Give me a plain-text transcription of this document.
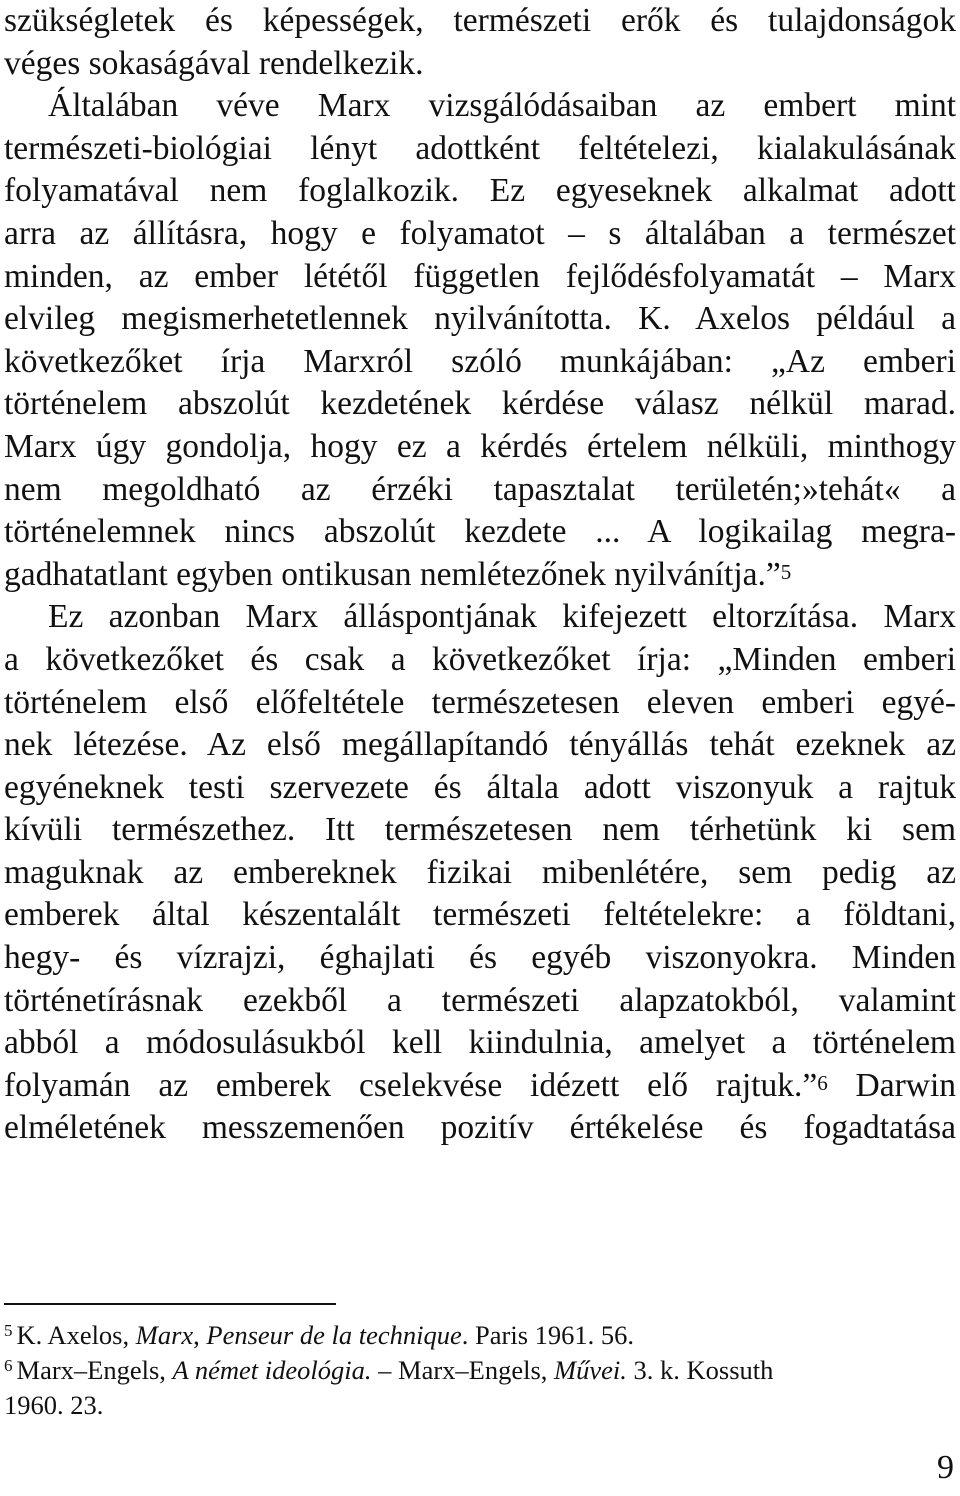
szükségletek és képességek, természeti erők és tulajdonságok
véges sokaságával rendelkezik.
Általában véve Marx vizsgálódásaiban az embert mint
természeti-biológiai lényt adottként feltételezi, kialakulásának
folyamatával nem foglalkozik. Ez egyeseknek alkalmat adott
arra az állításra, hogy e folyamatot – s általában a természet
minden, az ember lététől független fejlődésfolyamatát – Marx
elvileg megismerhetetlennek nyilvánította. K. Axelos például a
következőket írja Marxról szóló munkájában: „Az emberi
történelem abszolút kezdetének kérdése válasz nélkül marad.
Marx úgy gondolja, hogy ez a kérdés értelem nélküli, minthogy
nem megoldható az érzéki tapasztalat területén;»tehát« a
történelemnek nincs abszolút kezdete ... A logikailag megra-
gadhatatlant egyben ontikusan nemlétezőnek nyilvánítja.”$^5$
Ez azonban Marx álláspontjának kifejezett eltorzítása. Marx
a következőket és csak a következőket írja: „Minden emberi
történelem első előfeltétele természetesen eleven emberi egyé-
nek létezése. Az első megállapítandó tényállás tehát ezeknek az
egyéneknek testi szervezete és általa adott viszonyuk a rajtuk
kívüli természethez. Itt természetesen nem térhetünk ki sem
maguknak az embereknek fizikai mibenlétére, sem pedig az
emberek által készentalált természeti feltételekre: a földtani,
hegy- és vízrajzi, éghajlati és egyéb viszonyokra. Minden
történetírásnak ezekből a természeti alapzatokból, valamint
abból a módosulásukból kell kiindulnia, amelyet a történelem
folyamán az emberek cselekvése idézett elő rajtuk.”$^6$ Darwin
elméletének messzemenően pozitív értékelése és fogadtatása
$^5$ K. Axelos, Marx, Penseur de la technique. Paris 1961. 56.
$^6$ Marx–Engels, A német ideológia. – Marx–Engels, Művei. 3. k. Kossuth
1960. 23.
9
